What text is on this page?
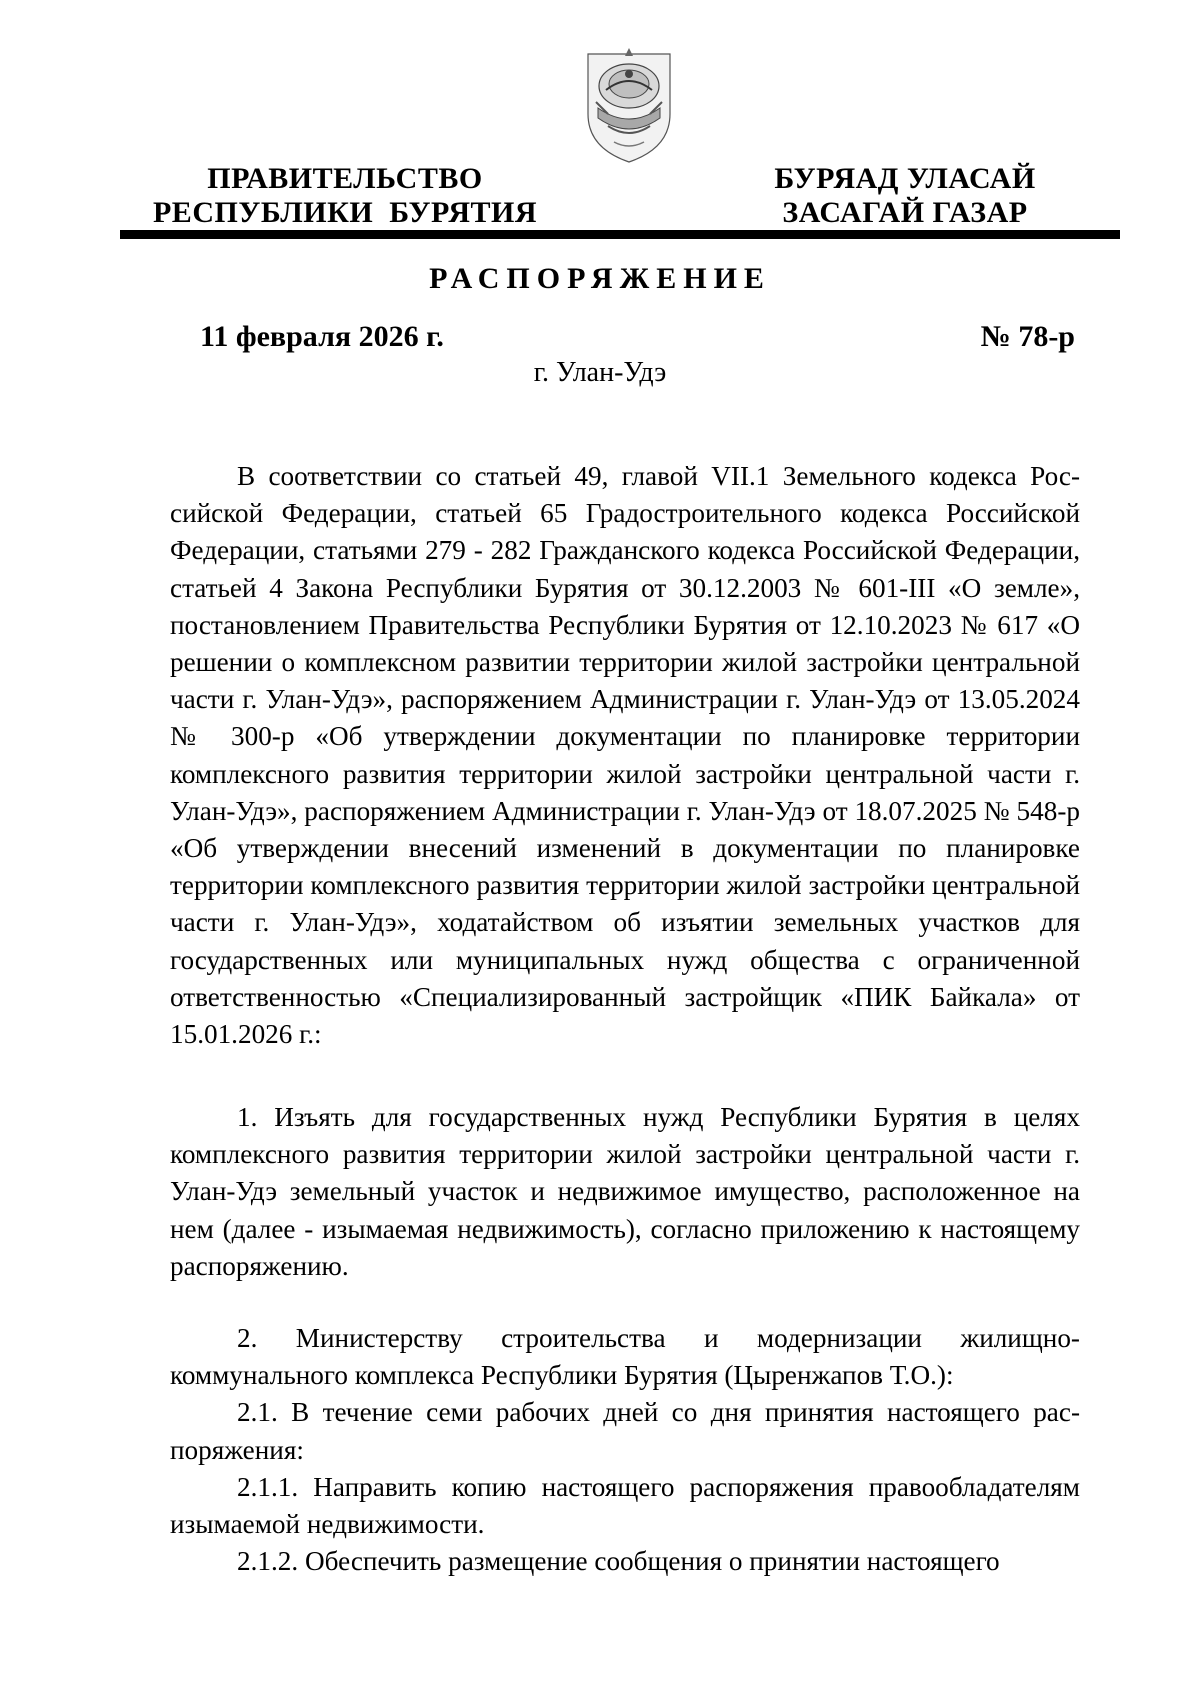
ПРАВИТЕЛЬСТВО
РЕСПУБЛИКИ  БУРЯТИЯ
БУРЯАД УЛАСАЙ
ЗАСАГАЙ ГАЗАР
РАСПОРЯЖЕНИЕ
11 февраля 2026 г.	№ 78-р
г. Улан-Удэ

В соответствии со статьей 49, главой VII.1 Земельного кодекса Российской Федерации, статьей 65 Градостроительного кодекса Российской Федерации, статьями 279 - 282 Гражданского кодекса Российской Федерации, статьей 4 Закона Республики Бурятия от 30.12.2003 № 601-III «О земле», постановлением Правительства Республики Бурятия от 12.10.2023 № 617 «О решении о комплексном развитии территории жилой застройки центральной части г. Улан-Удэ», распоряжением Администрации г. Улан-Удэ от 13.05.2024 № 300-р «Об утверждении документации по планировке территории комплексного развития территории жилой застройки центральной части г. Улан-Удэ», распоряжением Администрации г. Улан-Удэ от 18.07.2025 № 548-р «Об утверждении внесений изменений в документации по планировке территории комплексного развития территории жилой застройки центральной части г. Улан-Удэ», ходатайством об изъятии земельных участков для государственных или муниципальных нужд общества с ограниченной ответственностью «Специализированный застройщик «ПИК Байкала» от 15.01.2026 г.:

1. Изъять для государственных нужд Республики Бурятия в целях комплексного развития территории жилой застройки центральной части г. Улан-Удэ земельный участок и недвижимое имущество, расположенное на нем (далее - изымаемая недвижимость), согласно приложению к настоящему распоряжению.

2. Министерству строительства и модернизации жилищно-коммунального комплекса Республики Бурятия (Цыренжапов Т.О.):

2.1. В течение семи рабочих дней со дня принятия настоящего распоряжения:

2.1.1. Направить копию настоящего распоряжения правообладателям изымаемой недвижимости.

2.1.2. Обеспечить размещение сообщения о принятии настоящего
